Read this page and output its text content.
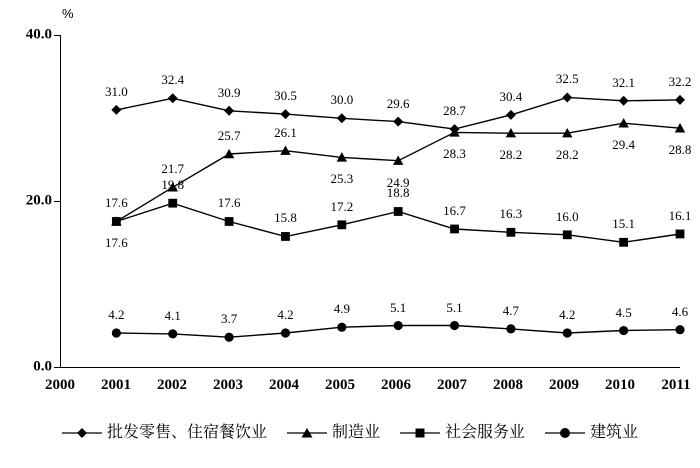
%
0.0
20.0
40.0
2000 2001 2002 2003 2004 2005 2006 2007 2008 2009 2010 2011
31.0
32.4
30.9	30.5	30.0	29.6	28.7
30.4
32.5	32.1	32.2
17.6
21.7
25.7	26.1
25.3	24.9
28.3	28.2	28.2
29.4	28.8
17.6
19.8
17.6
15.8
17.2
18.8
16.7	16.3	16.0	15.1
16.1
4.2	4.1	3.7	4.2	4.9	5.1	5.1	4.7	4.2	4.5	4.6
批发零售、住宿餐饮业	制造业	社会服务业	建筑业
